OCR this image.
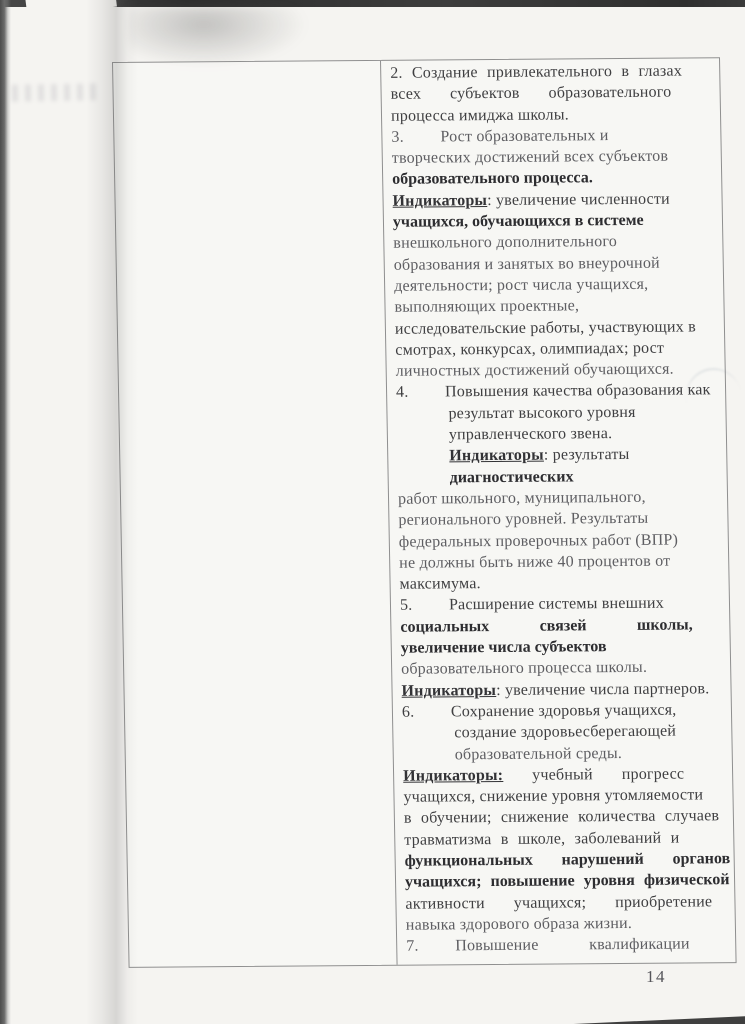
2. Создание привлекательного в глазах
всех субъектов образовательного
процесса имиджа школы.
3. Рост образовательных и
творческих достижений всех субъектов
образовательного процесса.
Индикаторы: увеличение численности
учащихся, обучающихся в системе
внешкольного дополнительного
образования и занятых во внеурочной
деятельности; рост числа учащихся,
выполняющих проектные,
исследовательские работы, участвующих в
смотрах, конкурсах, олимпиадах; рост
личностных достижений обучающихся.
4. Повышения качества образования как
результат высокого уровня
управленческого звена.
Индикаторы: результаты
диагностических
работ школьного, муниципального,
регионального уровней. Результаты
федеральных проверочных работ (ВПР)
не должны быть ниже 40 процентов от
максимума.
5. Расширение системы внешних
социальных связей школы,
увеличение числа субъектов
образовательного процесса школы.
Индикаторы: увеличение числа партнеров.
6. Сохранение здоровья учащихся,
создание здоровьесберегающей
образовательной среды.
Индикаторы: учебный прогресс
учащихся, снижение уровня утомляемости
в обучении; снижение количества случаев
травматизма в школе, заболеваний и
функциональных нарушений органов
учащихся; повышение уровня физической
активности учащихся; приобретение
навыка здорового образа жизни.
7. Повышение квалификации
14
